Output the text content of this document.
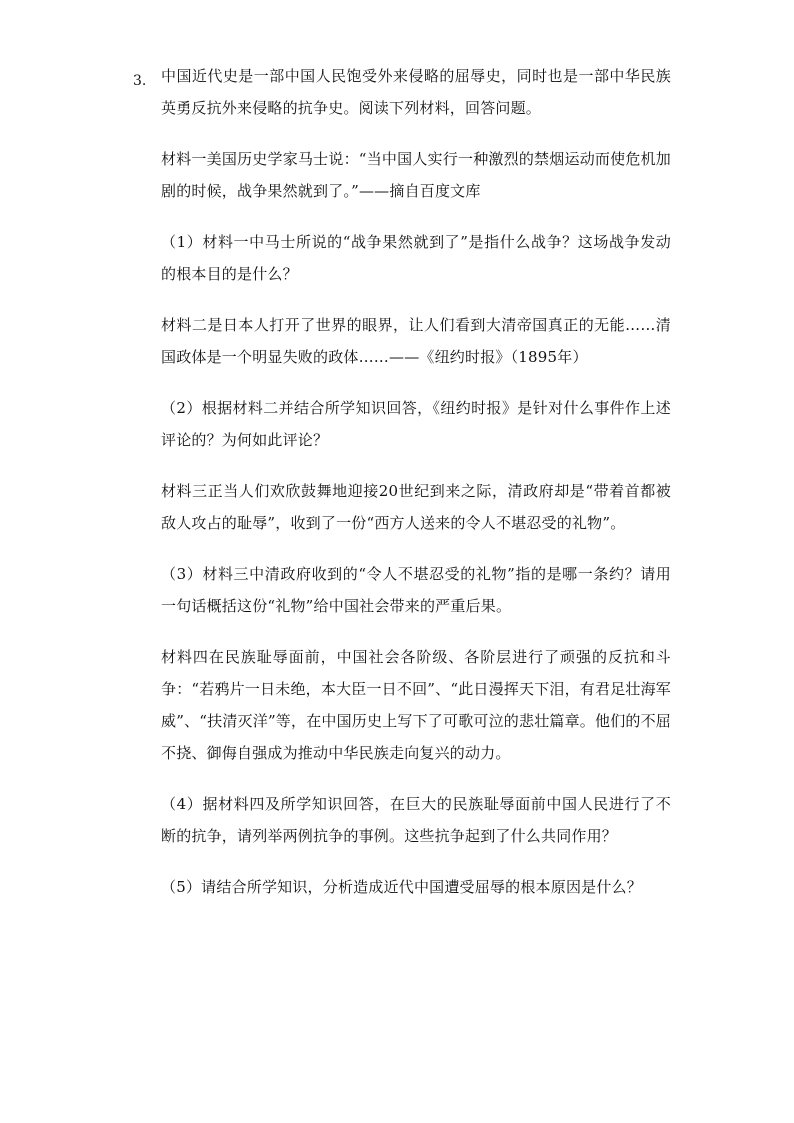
3. 中国近代史是一部中国人民饱受外来侵略的屈辱史，同时也是一部中华民族英勇反抗外来侵略的抗争史。阅读下列材料，回答问题。

材料一美国历史学家马士说：“当中国人实行一种激烈的禁烟运动而使危机加剧的时候，战争果然就到了。”——摘自百度文库

（1）材料一中马士所说的“战争果然就到了”是指什么战争？这场战争发动的根本目的是什么？

材料二是日本人打开了世界的眼界，让人们看到大清帝国真正的无能……清国政体是一个明显失败的政体……——《纽约时报》（1895年）

（2）根据材料二并结合所学知识回答，《纽约时报》是针对什么事件作上述评论的？为何如此评论？

材料三正当人们欢欣鼓舞地迎接20世纪到来之际，清政府却是“带着首都被敌人攻占的耻辱”，收到了一份“西方人送来的令人不堪忍受的礼物”。

（3）材料三中清政府收到的“令人不堪忍受的礼物”指的是哪一条约？请用一句话概括这份“礼物”给中国社会带来的严重后果。

材料四在民族耻辱面前，中国社会各阶级、各阶层进行了顽强的反抗和斗争：“若鸦片一日未绝，本大臣一日不回”、“此日漫挥天下泪，有君足壮海军威”、“扶清灭洋”等，在中国历史上写下了可歌可泣的悲壮篇章。他们的不屈不挠、御侮自强成为推动中华民族走向复兴的动力。

（4）据材料四及所学知识回答，在巨大的民族耻辱面前中国人民进行了不断的抗争，请列举两例抗争的事例。这些抗争起到了什么共同作用？

（5）请结合所学知识，分析造成近代中国遭受屈辱的根本原因是什么？
